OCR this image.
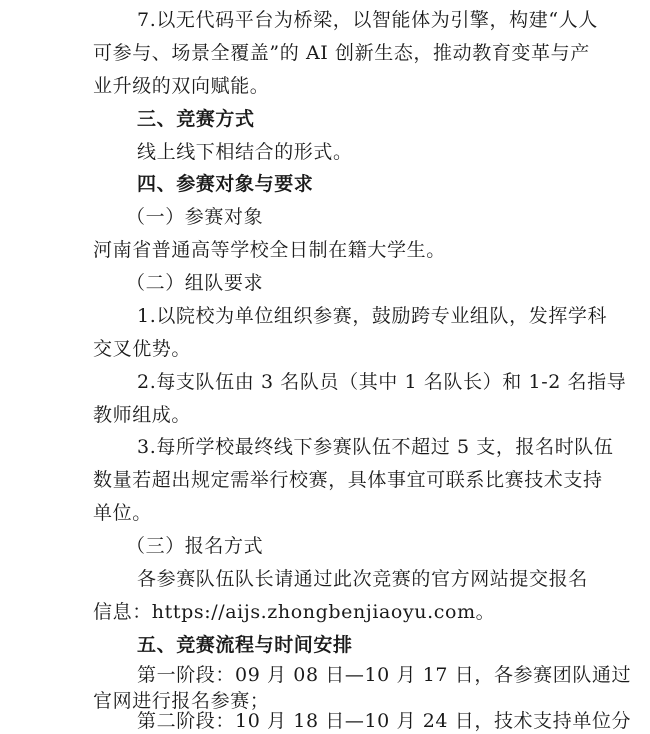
7.以无代码平台为桥梁，以智能体为引擎，构建“人人
可参与、场景全覆盖”的 AI 创新生态，推动教育变革与产
业升级的双向赋能。
三、竞赛方式
线上线下相结合的形式。
四、参赛对象与要求
（一）参赛对象
河南省普通高等学校全日制在籍大学生。
（二）组队要求
1.以院校为单位组织参赛，鼓励跨专业组队，发挥学科
交叉优势。
2.每支队伍由 3 名队员（其中 1 名队长）和 1-2 名指导
教师组成。
3.每所学校最终线下参赛队伍不超过 5 支，报名时队伍
数量若超出规定需举行校赛，具体事宜可联系比赛技术支持
单位。
（三）报名方式
各参赛队伍队长请通过此次竞赛的官方网站提交报名
信息：https://aijs.zhongbenjiaoyu.com。
五、竞赛流程与时间安排
第一阶段：09 月 08 日—10 月 17 日，各参赛团队通过
官网进行报名参赛；
第二阶段：10 月 18 日—10 月 24 日，技术支持单位分
